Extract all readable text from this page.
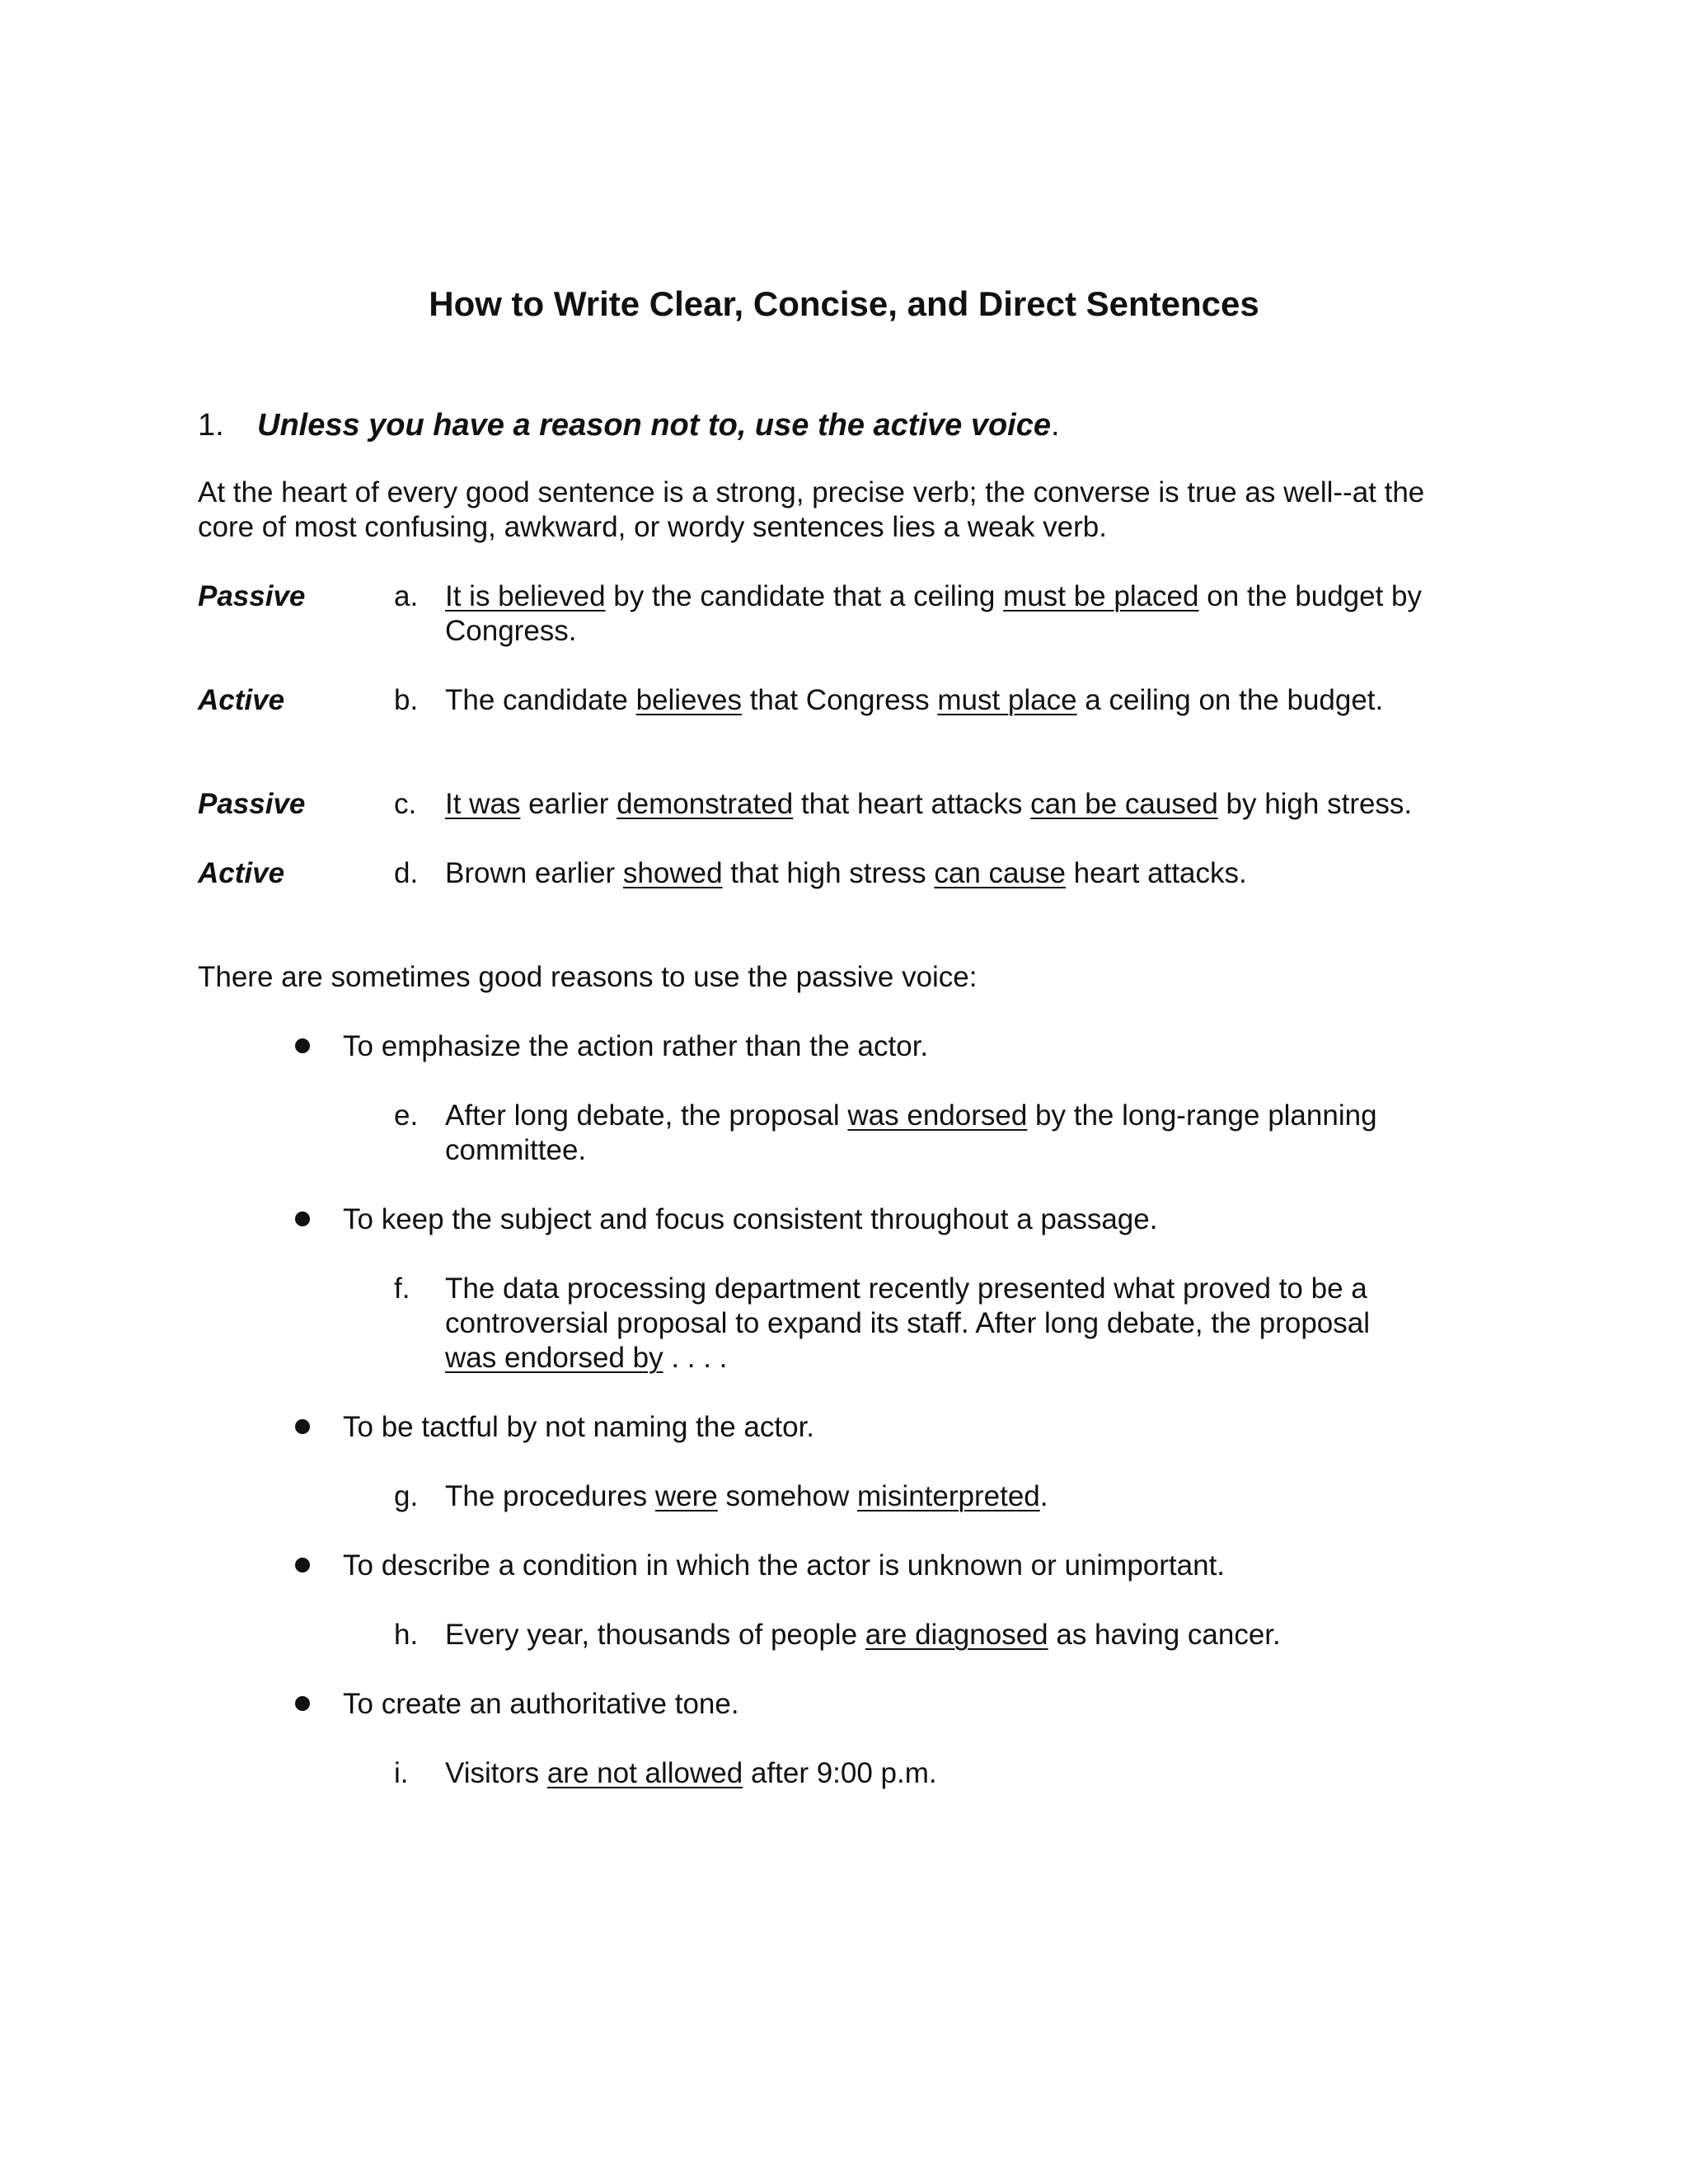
How to Write Clear, Concise, and Direct Sentences
1. Unless you have a reason not to, use the active voice.
At the heart of every good sentence is a strong, precise verb; the converse is true as well--at the
core of most confusing, awkward, or wordy sentences lies a weak verb.
Passive	a. It is believed by the candidate that a ceiling must be placed on the budget by
Congress.
Active	b. The candidate believes that Congress must place a ceiling on the budget.
Passive	c. It was earlier demonstrated that heart attacks can be caused by high stress.
Active	d. Brown earlier showed that high stress can cause heart attacks.
There are sometimes good reasons to use the passive voice:
To emphasize the action rather than the actor.
e. After long debate, the proposal was endorsed by the long-range planning
committee.
To keep the subject and focus consistent throughout a passage.
f. The data processing department recently presented what proved to be a
controversial proposal to expand its staff. After long debate, the proposal
was endorsed by . . . .
To be tactful by not naming the actor.
g. The procedures were somehow misinterpreted.
To describe a condition in which the actor is unknown or unimportant.
h. Every year, thousands of people are diagnosed as having cancer.
To create an authoritative tone.
i. Visitors are not allowed after 9:00 p.m.
